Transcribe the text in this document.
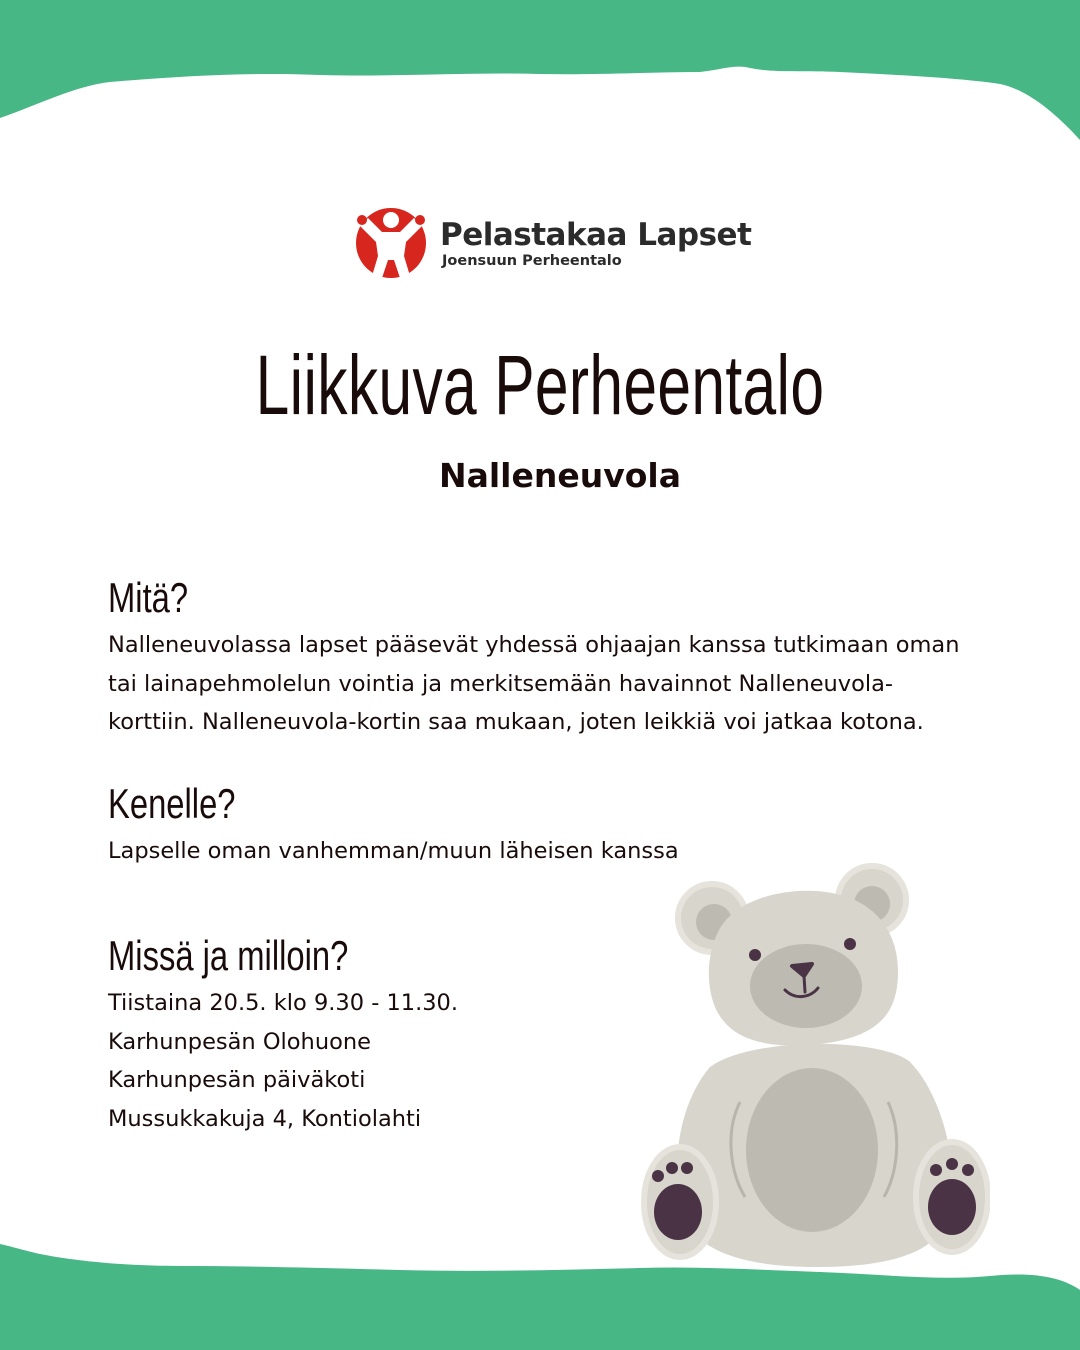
Pelastakaa Lapset
Joensuun Perheentalo
Liikkuva Perheentalo
Nalleneuvola
Mitä?
Nalleneuvolassa lapset pääsevät yhdessä ohjaajan kanssa tutkimaan oman
tai lainapehmolelun vointia ja merkitsemään havainnot Nalleneuvola-
korttiin. Nalleneuvola-kortin saa mukaan, joten leikkiä voi jatkaa kotona.
Kenelle?
Lapselle oman vanhemman/muun läheisen kanssa
Missä ja milloin?
Tiistaina 20.5. klo 9.30 - 11.30.
Karhunpesän Olohuone
Karhunpesän päiväkoti
Mussukkakuja 4, Kontiolahti
